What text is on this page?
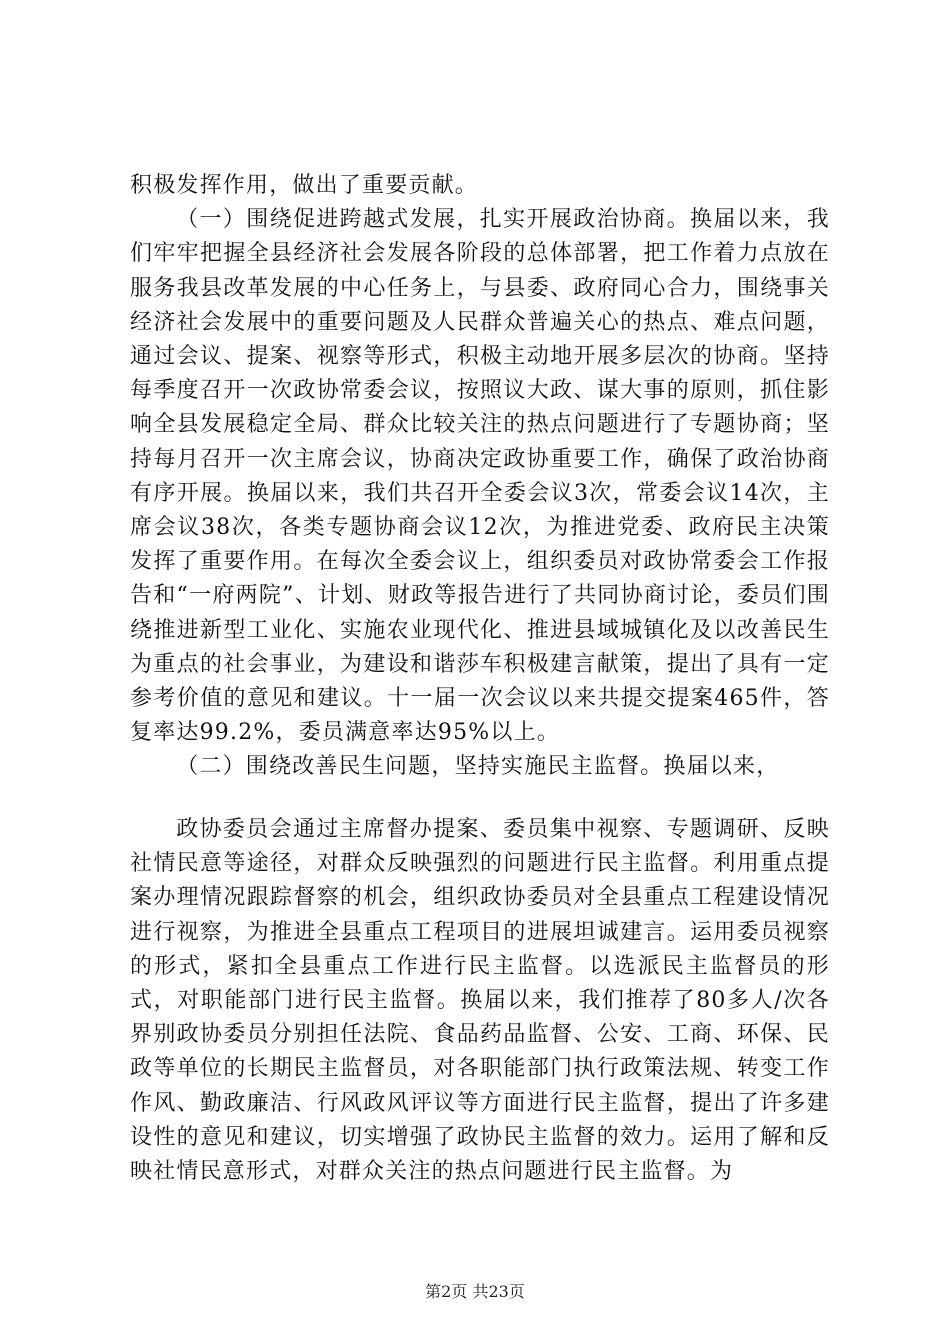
积极发挥作用，做出了重要贡献。

（一）围绕促进跨越式发展，扎实开展政治协商。换届以来，我们牢牢把握全县经济社会发展各阶段的总体部署，把工作着力点放在服务我县改革发展的中心任务上，与县委、政府同心合力，围绕事关经济社会发展中的重要问题及人民群众普遍关心的热点、难点问题，通过会议、提案、视察等形式，积极主动地开展多层次的协商。坚持每季度召开一次政协常委会议，按照议大政、谋大事的原则，抓住影响全县发展稳定全局、群众比较关注的热点问题进行了专题协商；坚持每月召开一次主席会议，协商决定政协重要工作，确保了政治协商有序开展。换届以来，我们共召开全委会议3次，常委会议14次，主席会议38次，各类专题协商会议12次，为推进党委、政府民主决策发挥了重要作用。在每次全委会议上，组织委员对政协常委会工作报告和“一府两院”、计划、财政等报告进行了共同协商讨论，委员们围绕推进新型工业化、实施农业现代化、推进县域城镇化及以改善民生为重点的社会事业，为建设和谐莎车积极建言献策，提出了具有一定参考价值的意见和建议。十一届一次会议以来共提交提案465件，答复率达99.2%，委员满意率达95%以上。

（二）围绕改善民生问题，坚持实施民主监督。换届以来，

政协委员会通过主席督办提案、委员集中视察、专题调研、反映社情民意等途径，对群众反映强烈的问题进行民主监督。利用重点提案办理情况跟踪督察的机会，组织政协委员对全县重点工程建设情况进行视察，为推进全县重点工程项目的进展坦诚建言。运用委员视察的形式，紧扣全县重点工作进行民主监督。以选派民主监督员的形式，对职能部门进行民主监督。换届以来，我们推荐了80多人/次各界别政协委员分别担任法院、食品药品监督、公安、工商、环保、民政等单位的长期民主监督员，对各职能部门执行政策法规、转变工作作风、勤政廉洁、行风政风评议等方面进行民主监督，提出了许多建设性的意见和建议，切实增强了政协民主监督的效力。运用了解和反映社情民意形式，对群众关注的热点问题进行民主监督。为

第2页 共23页
